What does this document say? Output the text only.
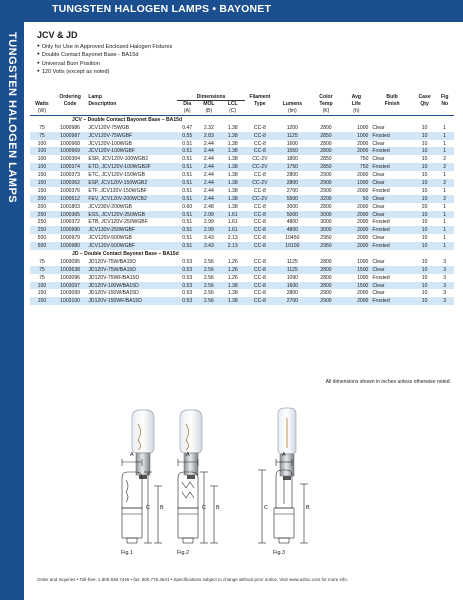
TUNGSTEN HALOGEN LAMPS • BAYONET
TUNGSTEN HALOGEN LAMPS JCV & JD
● Only for Use in Approved Enclosed Halogen Fixtures
● Double Contact Bayonet Base - BA15d
● Universal Burn Position
● 120 Volts (except as noted)
	Ordering	Lamp	Dimensions			Filament		Color	Avg	Bulb	Case	Fig
Watts	Code	Description	Dia	MOL	LCL	Type	Lumens	Temp	Life	Finish	Qty	No
(W)			(A)	(B)	(C)		(lm)	(K)	(h)			
JCV – Double Contact Bayonet Base – BA15d												
75	1000986	JCV120V-75WGB	0.47	2.32	1.38	CC-8	1200	2800	1000	Clear	10	1
75	1000987	JCV120V-75WGBF	0.55	2.83	1.38	CC-8	1125	2850	1000	Frosted	10	1
100	1000968	JCV120V-100WGB	0.51	2.44	1.38	CC-8	1600	2800	2000	Clear	10	1
100	1000969	JCV120V-100WGBF	0.51	2.44	1.38	CC-8	1550	2800	2000	Frosted	10	1
100	1000364	ESR, JCV120V-100WGB2	0.51	2.44	1.38	CC-2V	1800	2850	750	Clear	10	2
100	1000374	ETD, JCV120V-100WGB2F	0.51	2.44	1.38	CC-2V	1750	2850	750	Frosted	10	2
150	1000373	ETC, JCV120V-150WGB	0.51	2.44	1.38	CC-8	2800	2900	2000	Clear	10	1
150	1000362	ESP, JCV120V-150WGB2	0.51	2.44	1.38	CC-2V	2800	2900	1000	Clear	10	2
150	1000376	ETF, JCV120V-150WGBF	0.51	2.44	1.38	CC-8	2700	2900	2000	Frosted	10	1
200	1000512	FEV, JCV120V-200WCB2	0.51	2.44	1.38	CC-2V	5500	3200	50	Clear	10	2
200	1001803	JCV230V-200WGB	0.60	2.48	1.38	CC-8	3000	2800	2000	Clear	20	1
250	1000365	ESS, JCV120V-250WGB	0.51	2.99	1.61	CC-8	5000	3000	2000	Clear	10	1
250	1000372	ETB, JCV120V-250WGBF	0.51	2.99	1.61	CC-8	4800	3000	2000	Frosted	10	1
250	1000990	JCV130V-250WGBF	0.51	2.99	1.61	CC-8	4800	3000	2000	Frosted	10	1
500	1000979	JCV120V-500WGB	0.51	3.43	2.13	CC-8	10450	2950	2000	Clear	10	1
500	1000980	JCV120V-500WGBF	0.51	3.43	2.13	CC-8	10100	2950	2000	Frosted	10	1
JD – Double Contact Bayonet Base – BA15d												
75	1003095	JD120V-75W/BA15D	0.53	2.56	1.26	CC-8	1125	2800	1000	Clear	10	3
75	1003638	JD120V-75W/BA15D	0.53	2.56	1.26	CC-8	1125	2800	1500	Clear	10	3
75	1003096	JD120V-75WF/BA15D	0.53	2.56	1.26	CC-8	1090	2800	1000	Frosted	10	3
100	1003097	JD120V-100W/BA15D	0.53	2.56	1.38	CC-8	1600	2800	1500	Clear	10	3
150	1003099	JD120V-150W/BA15D	0.53	2.56	1.38	CC-8	2800	2900	2000	Clear	10	3
150	1003100	JD120V-150WF/BA15D	0.53	2.56	1.38	CC-8	2700	2900	2000	Frosted	10	3
All dimensions shown in inches unless otherwise noted.
A
C B
A
C B
A
C	B
Fig.1	Fig.2	Fig.3
60	Order and Inquiries • Toll-free: 1.800.838.7446 • fax: 800.776.3641 • Specifications subject to change without prior notice. Visit www.ushio.com for more info.
